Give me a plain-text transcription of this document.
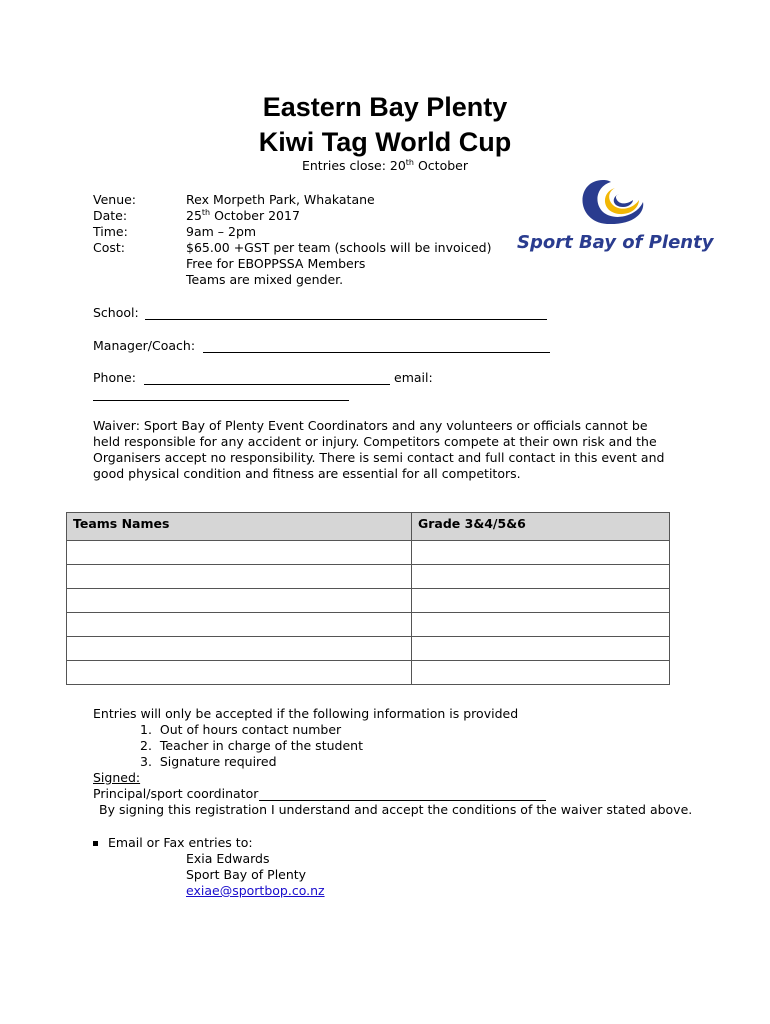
Eastern Bay Plenty
Kiwi Tag World Cup
Entries close: 20th October
Venue:	Rex Morpeth Park, Whakatane
Date:	25th October 2017
Time:	9am – 2pm
Cost:	$65.00 +GST per team (schools will be invoiced)
Free for EBOPPSSA Members
Teams are mixed gender.
Sport Bay of Plenty
School:
Manager/Coach:
Phone:	email:
Waiver: Sport Bay of Plenty Event Coordinators and any volunteers or officials cannot be
held responsible for any accident or injury. Competitors compete at their own risk and the
Organisers accept no responsibility. There is semi contact and full contact in this event and
good physical condition and fitness are essential for all competitors.
Teams Names	Grade 3&4/5&6

Entries will only be accepted if the following information is provided
1.  Out of hours contact number
2.  Teacher in charge of the student
3.  Signature required
Signed:
Principal/sport coordinator
By signing this registration I understand and accept the conditions of the waiver stated above.
Email or Fax entries to:
Exia Edwards
Sport Bay of Plenty
exiae@sportbop.co.nz
